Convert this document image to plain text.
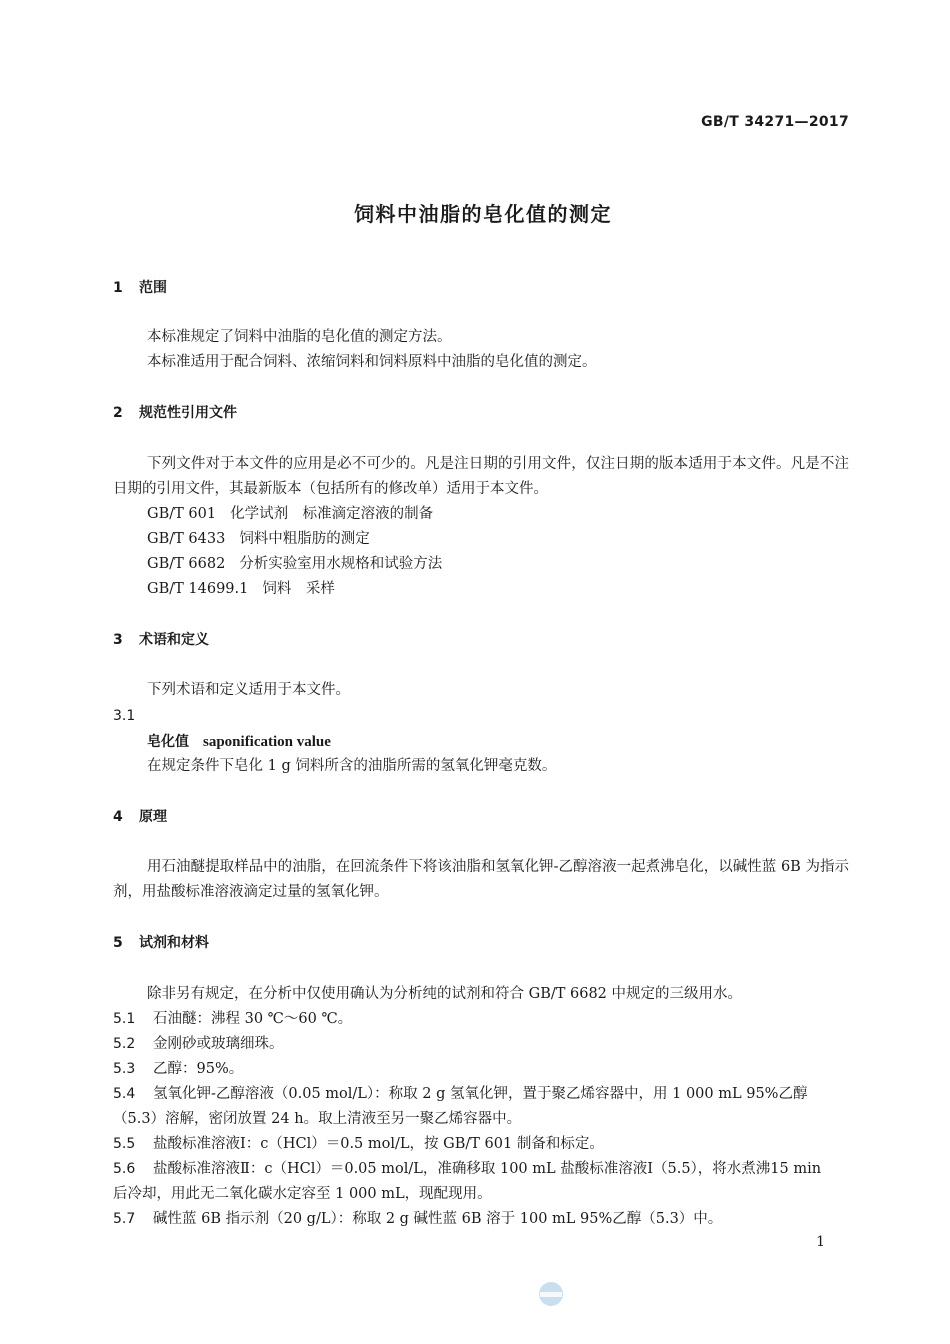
GB/T 34271—2017
饲料中油脂的皂化值的测定
1 范围
本标准规定了饲料中油脂的皂化值的测定方法。
本标准适用于配合饲料、浓缩饲料和饲料原料中油脂的皂化值的测定。
2 规范性引用文件
下列文件对于本文件的应用是必不可少的。凡是注日期的引用文件，仅注日期的版本适用于本文件。凡是不注日期的引用文件，其最新版本（包括所有的修改单）适用于本文件。
GB/T 601 化学试剂　标准滴定溶液的制备
GB/T 6433 饲料中粗脂肪的测定
GB/T 6682 分析实验室用水规格和试验方法
GB/T 14699.1 饲料　采样
3 术语和定义
下列术语和定义适用于本文件。
3.1
皂化值 saponification value
在规定条件下皂化 1 g 饲料所含的油脂所需的氢氧化钾毫克数。
4 原理
用石油醚提取样品中的油脂，在回流条件下将该油脂和氢氧化钾-乙醇溶液一起煮沸皂化，以碱性蓝 6B 为指示剂，用盐酸标准溶液滴定过量的氢氧化钾。
5 试剂和材料
除非另有规定，在分析中仅使用确认为分析纯的试剂和符合 GB/T 6682 中规定的三级用水。
5.1 石油醚：沸程 30 ℃～60 ℃。
5.2 金刚砂或玻璃细珠。
5.3 乙醇：95%。
5.4 氢氧化钾-乙醇溶液（0.05 mol/L）：称取 2 g 氢氧化钾，置于聚乙烯容器中，用 1 000 mL 95%乙醇
（5.3）溶解，密闭放置 24 h。取上清液至另一聚乙烯容器中。
5.5 盐酸标准溶液Ⅰ：c（HCl）＝0.5 mol/L，按 GB/T 601 制备和标定。
5.6 盐酸标准溶液Ⅱ：c（HCl）＝0.05 mol/L，准确移取 100 mL 盐酸标准溶液Ⅰ（5.5），将水煮沸15 min
后冷却，用此无二氧化碳水定容至 1 000 mL，现配现用。
5.7 碱性蓝 6B 指示剂（20 g/L）：称取 2 g 碱性蓝 6B 溶于 100 mL 95%乙醇（5.3）中。
1
